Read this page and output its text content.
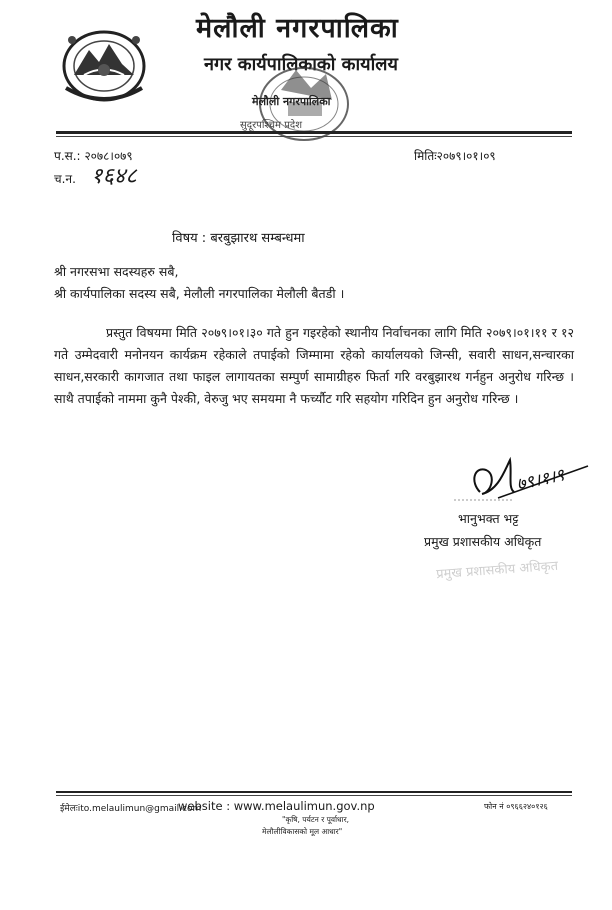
मेलौली नगरपालिका
नगर कार्यपालिकाको कार्यालय
मेलौली नगरपालिका
सुदूरपश्चिम प्रदेश
प.स.: २०७८।०७९	मितिः२०७९।०१।०९
च.न. १६४८
विषय : बरबुझारथ सम्बन्धमा
श्री नगरसभा सदस्यहरु सबै,
श्री कार्यपालिका सदस्य सबै, मेलौली नगरपालिका मेलौली बैतडी ।
प्रस्तुत विषयमा मिति २०७९।०१।३० गते हुन गइरहेको स्थानीय निर्वाचनका लागि मिति २०७९।०१।११ र १२ गते उम्मेदवारी मनोनयन कार्यक्रम रहेकाले तपाईको जिम्मामा रहेको कार्यालयको जिन्सी, सवारी साधन,सन्चारका साधन,सरकारी कागजात तथा फाइल लागायतका सम्पुर्ण सामाग्रीहरु फिर्ता गरि वरबुझारथ गर्नहुन अनुरोध गरिन्छ ।साथै तपाईको नाममा कुनै पेश्की, वेरुजु भए समयमा नै फर्च्यौट गरि सहयोग गरिदिन हुन अनुरोध गरिन्छ ।
७९।१।९
भानुभक्त भट्ट
प्रमुख प्रशासकीय अधिकृत
प्रमुख प्रशासकीय अधिकृत
ईमेलःito.melaulimun@gmail.com
website : www.melaulimun.gov.np	फोन नं ०९६६२४०१२६
"कृषि, पर्यटन र पूर्वाधार,
मेलौलीविकासको मूल आधार"
